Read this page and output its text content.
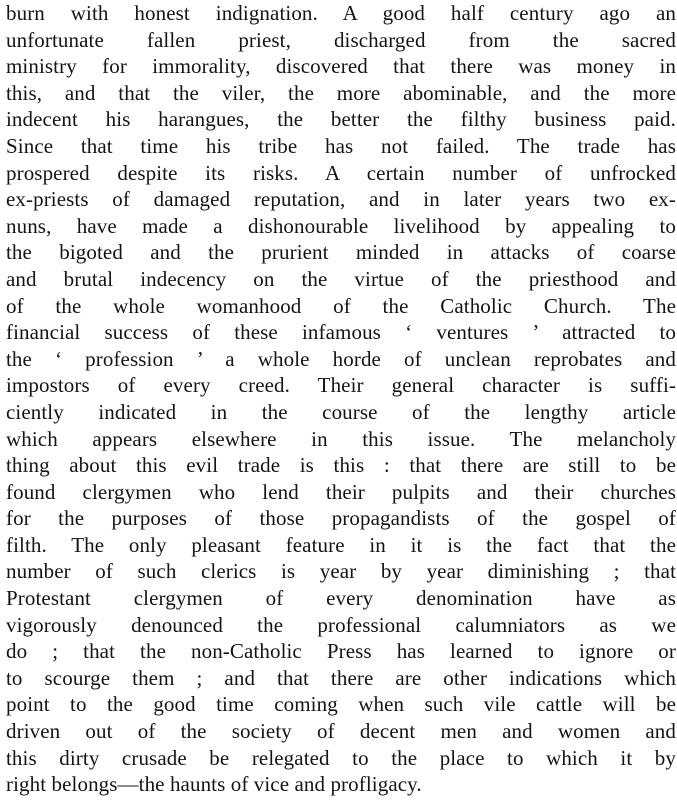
burn with honest indignation. A good half century ago an
unfortunate fallen priest, discharged from the sacred
ministry for immorality, discovered that there was money in
this, and that the viler, the more abominable, and the more
indecent his harangues, the better the filthy business paid.
Since that time his tribe has not failed. The trade has
prospered despite its risks. A certain number of unfrocked
ex-priests of damaged reputation, and in later years two ex-
nuns, have made a dishonourable livelihood by appealing to
the bigoted and the prurient minded in attacks of coarse
and brutal indecency on the virtue of the priesthood and
of the whole womanhood of the Catholic Church. The
financial success of these infamous ‘ ventures ’ attracted to
the ‘ profession ’ a whole horde of unclean reprobates and
impostors of every creed. Their general character is suffi-
ciently indicated in the course of the lengthy article
which appears elsewhere in this issue. The melancholy
thing about this evil trade is this : that there are still to be
found clergymen who lend their pulpits and their churches
for the purposes of those propagandists of the gospel of
filth. The only pleasant feature in it is the fact that the
number of such clerics is year by year diminishing ; that
Protestant clergymen of every denomination have as
vigorously denounced the professional calumniators as we
do ; that the non-Catholic Press has learned to ignore or
to scourge them ; and that there are other indications which
point to the good time coming when such vile cattle will be
driven out of the society of decent men and women and
this dirty crusade be relegated to the place to which it by
right belongs—the haunts of vice and profligacy.
